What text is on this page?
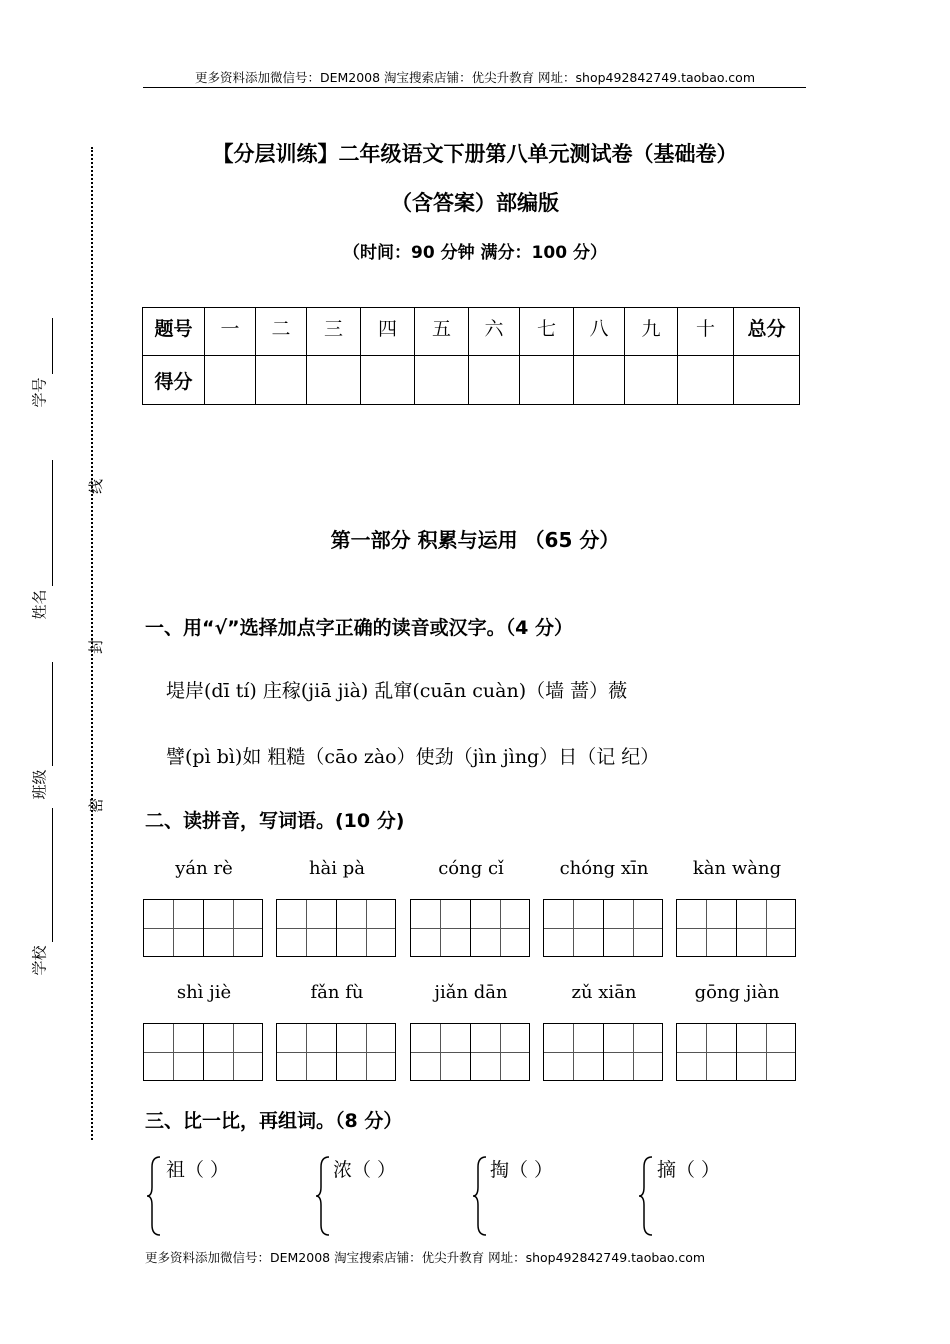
更多资料添加微信号：DEM2008 淘宝搜索店铺：优尖升教育 网址：shop492842749.taobao.com
【分层训练】二年级语文下册第八单元测试卷（基础卷）
（含答案）部编版
（时间：90 分钟 满分：100 分）
学号
姓名
班级
学校
线
封
密
题号	一	二	三	四	五	六	七	八	九	十	总分
得分											
第一部分 积累与运用 （65 分）
一、用“√”选择加点字正确的读音或汉字。（4 分）
堤岸(dī tí) 庄稼(jiā jià) 乱窜(cuān cuàn)（墙 蔷）薇
譬(pì bì)如 粗糙（cāo zào）使劲（jìn jìng）日（记 纪）
二、读拼音，写词语。(10 分)
yán rè	hài pà	cóng cǐ	chóng xīn	kàn wàng
shì jiè	fǎn fù	jiǎn dān	zǔ xiān	gōng jiàn
三、比一比，再组词。（8 分）
祖（ ）	浓（ ）	掏（ ）	摘（ ）
更多资料添加微信号：DEM2008 淘宝搜索店铺：优尖升教育 网址：shop492842749.taobao.com
